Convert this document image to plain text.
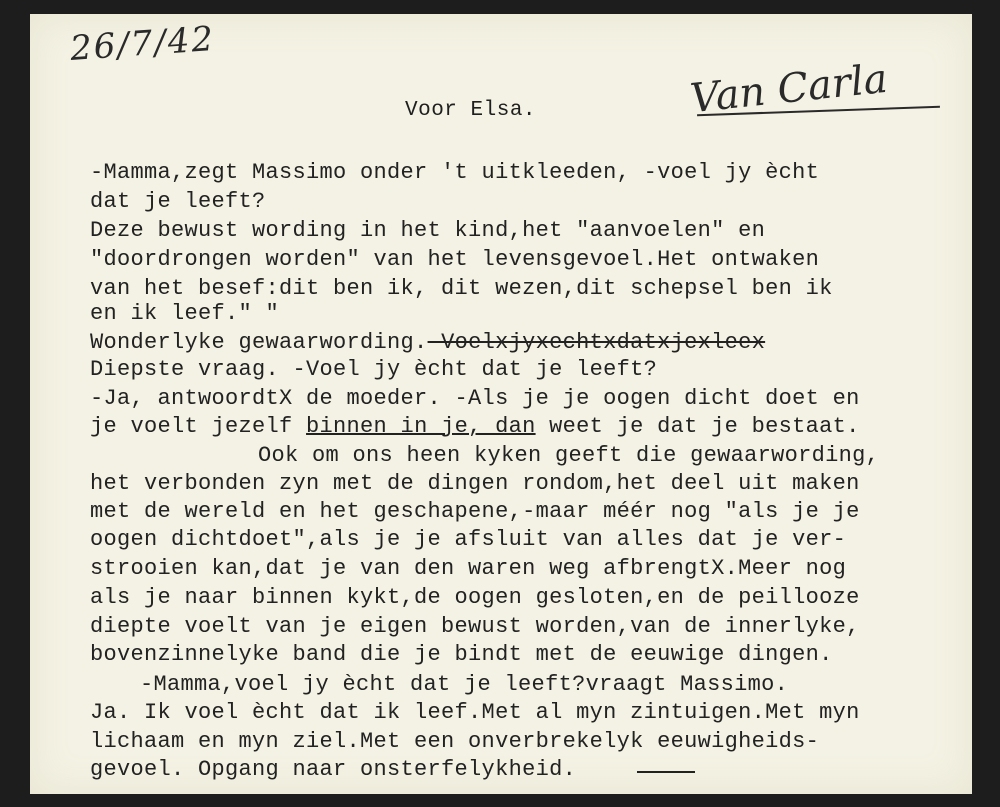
26/7/42
Van Carla
Voor Elsa.
-Mamma,zegt Massimo onder 't uitkleeden, -voel jy ècht
dat je leeft?
Deze bewust wording in het kind,het "aanvoelen" en
"doordrongen worden" van het levensgevoel.Het ontwaken
van het besef:dit ben ik, dit wezen,dit schepsel ben ik
en ik leef." "
Wonderlyke gewaarwording.-Voelxjyxechtxdatxjexleex
Diepste vraag. -Voel jy ècht dat je leeft?
-Ja, antwoordtX de moeder. -Als je je oogen dicht doet en
je voelt jezelf binnen in je, dan weet je dat je bestaat.
Ook om ons heen kyken geeft die gewaarwording,
het verbonden zyn met de dingen rondom,het deel uit maken
met de wereld en het geschapene,-maar méér nog "als je je
oogen dichtdoet",als je je afsluit van alles dat je ver-
strooien kan,dat je van den waren weg afbrengtX.Meer nog
als je naar binnen kykt,de oogen gesloten,en de peillooze
diepte voelt van je eigen bewust worden,van de innerlyke,
bovenzinnelyke band die je bindt met de eeuwige dingen.
-Mamma,voel jy ècht dat je leeft?vraagt Massimo.
Ja. Ik voel ècht dat ik leef.Met al myn zintuigen.Met myn
lichaam en myn ziel.Met een onverbrekelyk eeuwigheids-
gevoel. Opgang naar onsterfelykheid.
